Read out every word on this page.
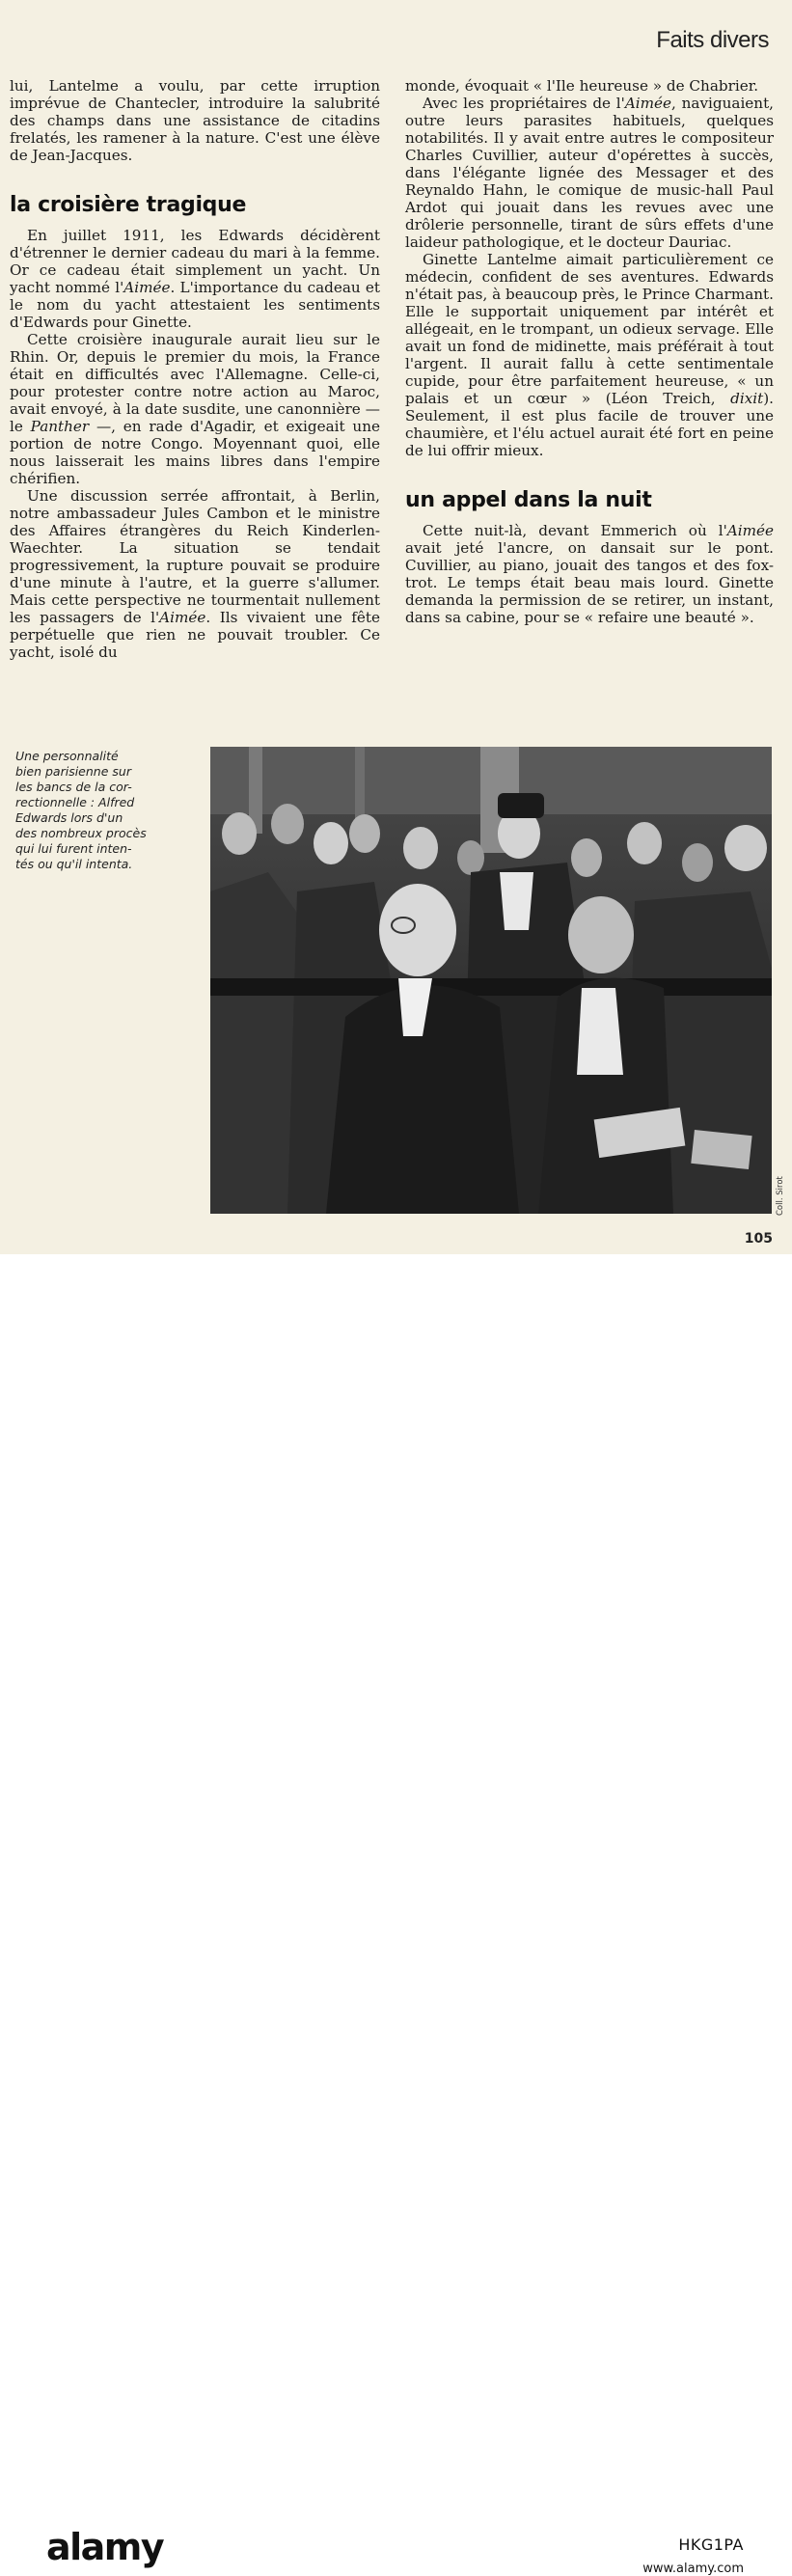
Faits divers

lui, Lantelme a voulu, par cette irruption imprévue de Chantecler, introduire la salubrité des champs dans une assistance de citadins frelatés, les ramener à la nature. C'est une élève de Jean-Jacques.

la croisière tragique

En juillet 1911, les Edwards décidèrent d'étrenner le dernier cadeau du mari à la femme. Or ce cadeau était simplement un yacht. Un yacht nommé l'Aimée. L'importance du cadeau et le nom du yacht attestaient les sentiments d'Edwards pour Ginette.

Cette croisière inaugurale aurait lieu sur le Rhin. Or, depuis le premier du mois, la France était en difficultés avec l'Allemagne. Celle-ci, pour protester contre notre action au Maroc, avait envoyé, à la date susdite, une canonnière — le Panther —, en rade d'Agadir, et exigeait une portion de notre Congo. Moyennant quoi, elle nous laisserait les mains libres dans l'empire chérifien.

Une discussion serrée affrontait, à Berlin, notre ambassadeur Jules Cambon et le ministre des Affaires étrangères du Reich Kinderlen-Waechter. La situation se tendait progressivement, la rupture pouvait se produire d'une minute à l'autre, et la guerre s'allumer. Mais cette perspective ne tourmentait nullement les passagers de l'Aimée. Ils vivaient une fête perpétuelle que rien ne pouvait troubler. Ce yacht, isolé du

monde, évoquait « l'Ile heureuse » de Chabrier.

Avec les propriétaires de l'Aimée, naviguaient, outre leurs parasites habituels, quelques notabilités. Il y avait entre autres le compositeur Charles Cuvillier, auteur d'opérettes à succès, dans l'élégante lignée des Messager et des Reynaldo Hahn, le comique de music-hall Paul Ardot qui jouait dans les revues avec une drôlerie personnelle, tirant de sûrs effets d'une laideur pathologique, et le docteur Dauriac.

Ginette Lantelme aimait particulièrement ce médecin, confident de ses aventures. Edwards n'était pas, à beaucoup près, le Prince Charmant. Elle le supportait uniquement par intérêt et allégeait, en le trompant, un odieux servage. Elle avait un fond de midinette, mais préférait à tout l'argent. Il aurait fallu à cette sentimentale cupide, pour être parfaitement heureuse, « un palais et un cœur » (Léon Treich, dixit). Seulement, il est plus facile de trouver une chaumière, et l'élu actuel aurait été fort en peine de lui offrir mieux.

un appel dans la nuit

Cette nuit-là, devant Emmerich où l'Aimée avait jeté l'ancre, on dansait sur le pont. Cuvillier, au piano, jouait des tangos et des fox-trot. Le temps était beau mais lourd. Ginette demanda la permission de se retirer, un instant, dans sa cabine, pour se « refaire une beauté ».

Une personnalité
bien parisienne sur
les bancs de la cor-
rectionnelle : Alfred
Edwards lors d'un
des nombreux procès
qui lui furent inten-
tés ou qu'il intenta.
Coll. Sirot
105
alamy	HKG1PA
www.alamy.com
